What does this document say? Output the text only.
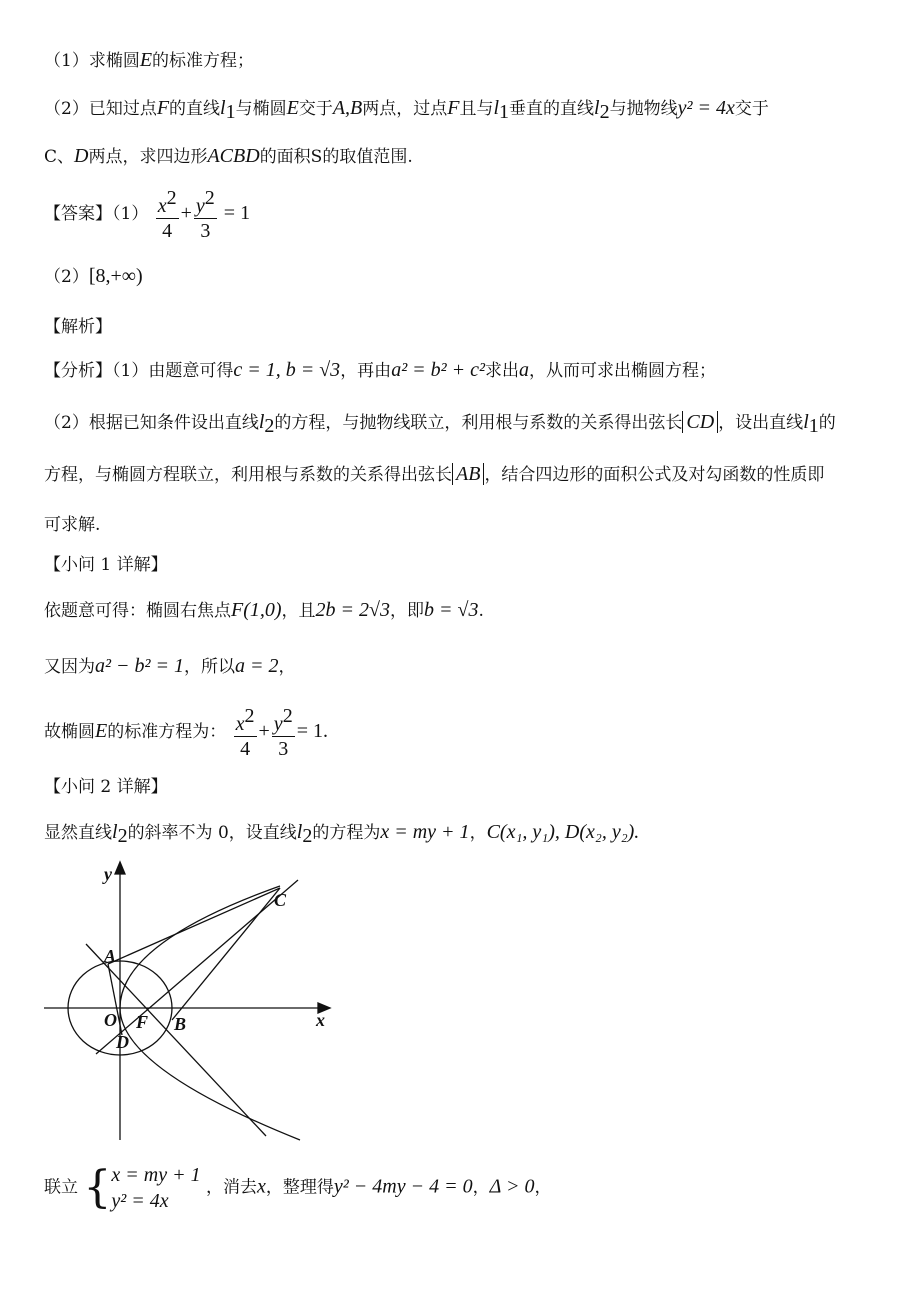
（1）求椭圆E的标准方程；
（2）已知过点F的直线$l_1$与椭圆E交于A,B两点，过点F且与$l_1$垂直的直线$l_2$与抛物线y² = 4x交于
C、D两点，求四边形ACBD的面积S的取值范围.
【答案】$(1) \frac{x^2}{4} + \frac{y^2}{3} = 1$
（2）[8,+∞)
【解析】
【分析】（1）由题意可得c = 1, b = √3，再由a² = b² + c²求出a，从而可求出椭圆方程；
（2）根据已知条件设出直线$l_2$的方程，与抛物线联立，利用根与系数的关系得出弦长 CD ，设出直线$l_1$的
方程，与椭圆方程联立，利用根与系数的关系得出弦长 AB ，结合四边形的面积公式及对勾函数的性质即
可求解.
【小问 1 详解】
依题意可得：椭圆右焦点F(1,0)，且2b = 2√3，即b = √3.
又因为a² − b² = 1，所以a = 2，
故椭圆E的标准方程为： $\frac{x^2}{4} + \frac{y^2}{3} = 1$.
【小问 2 详解】
显然直线$l_2$的斜率不为 0，设直线$l_2$的方程为x = my + 1，C(x₁, y₁), D(x₂, y₂).
y
x
C
A
O F B
D
联立 { x = my + 1
y² = 4x
，消去x，整理得y² − 4my − 4 = 0，Δ > 0，
